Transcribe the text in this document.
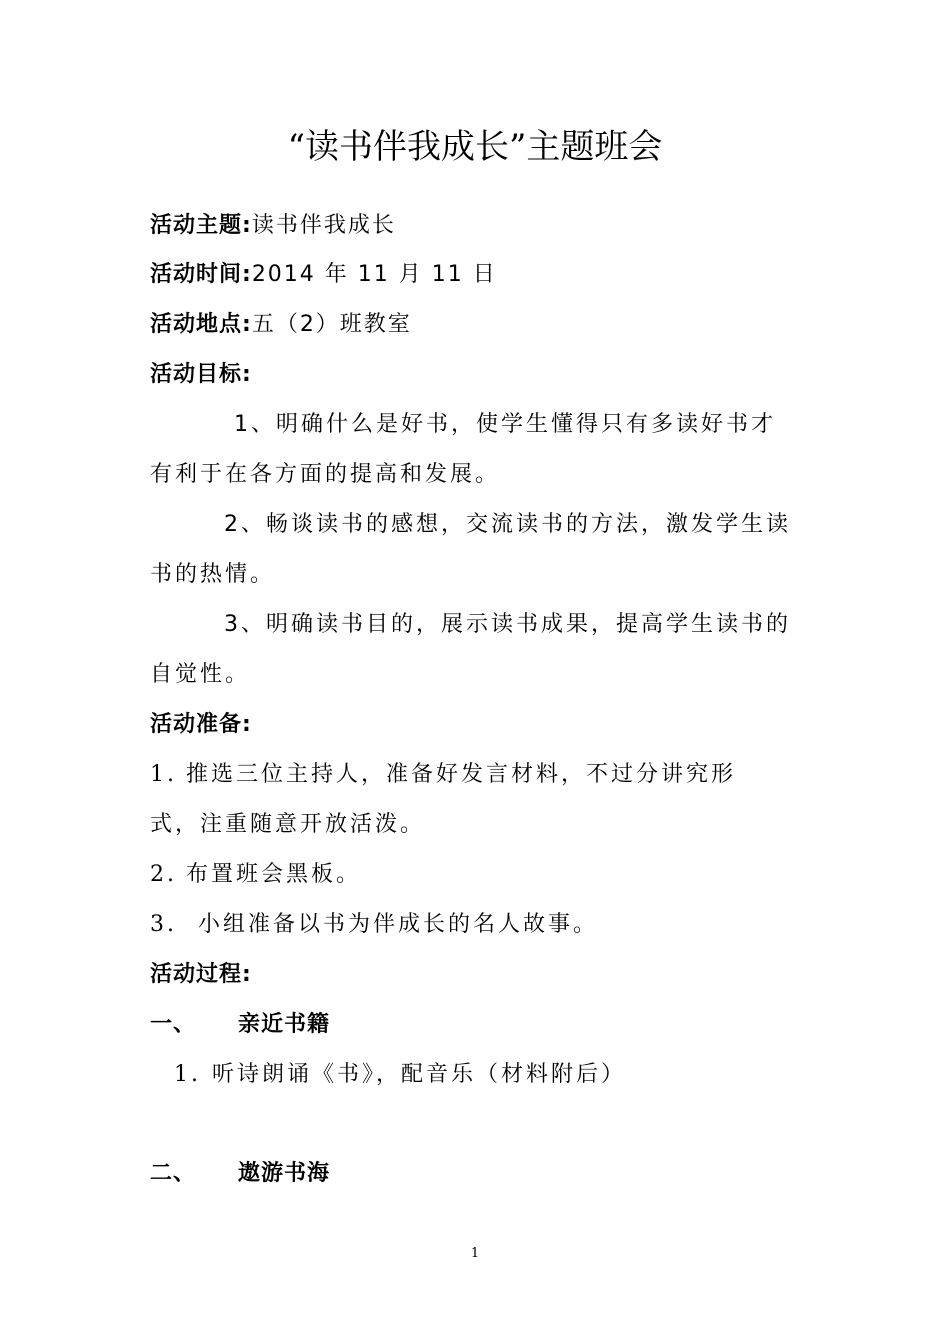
“读书伴我成长”主题班会
活动主题:读书伴我成长
活动时间:2014 年 11 月 11 日
活动地点:五（2）班教室
活动目标:
1、明确什么是好书，使学生懂得只有多读好书才
有利于在各方面的提高和发展。
2、畅谈读书的感想，交流读书的方法，激发学生读
书的热情。
3、明确读书目的，展示读书成果，提高学生读书的
自觉性。
活动准备:
1. 推选三位主持人，准备好发言材料，不过分讲究形
式，注重随意开放活泼。
2. 布置班会黑板。
3. 小组准备以书为伴成长的名人故事。
活动过程:
一、 亲近书籍
1. 听诗朗诵《书》，配音乐（材料附后）
二、 遨游书海
1
